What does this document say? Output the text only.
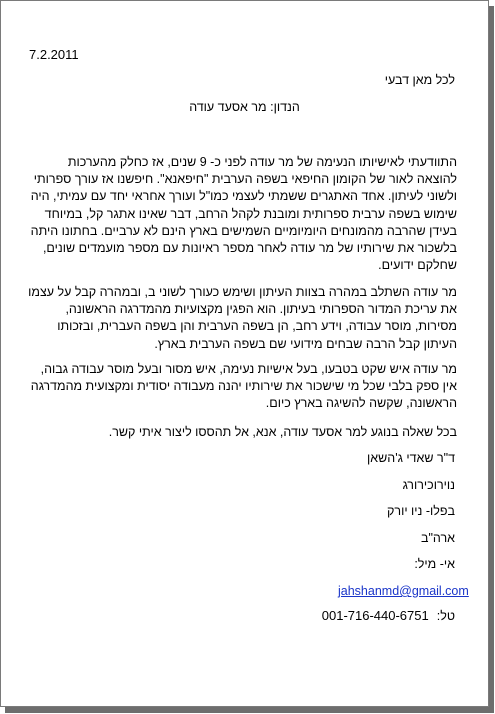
7.2.2011
לכל מאן דבעי
הנדון: מר אסעד עודה
התוודעתי לאישיותו הנעימה של מר עודה לפני כ- 9 שנים, אז כחלק מהערכות להוצאה לאור של הקומון החיפאי בשפה הערבית "חיפאנא". חיפשנו אז עורך ספרותי ולשוני לעיתון. אחד האתגרים ששמתי לעצמי כמו"ל ועורך אחראי יחד עם עמיתי, היה שימוש בשפה ערבית ספרותית ומובנת לקהל הרחב, דבר שאינו אתגר קל, במיוחד בעידן שהרבה מהמונחים היומיומיים השמישים בארץ הינם לא ערביים. בחתונו היתה בלשכור את שירותיו של מר עודה לאחר מספר ראיונות עם מספר מועמדים שונים, שחלקם ידועים.
מר עודה השתלב במהרה בצוות העיתון ושימש כעורך לשוני ב, ובמהרה קבל על עצמו את עריכת המדור הספרותי בעיתון. הוא הפגין מקצועיות מהמדרגה הראשונה, מסירות, מוסר עבודה, וידע רחב, הן בשפה הערבית והן בשפה העברית, ובזכותו העיתון קבל הרבה שבחים מידועי שם בשפה הערבית בארץ.
מר עודה איש שקט בטבעו, בעל אישיות נעימה, איש מסור ובעל מוסר עבודה גבוה, אין ספק בלבי שכל מי שישכור את שירותיו יהנה מעבודה יסודית ומקצועית מהמדרגה הראשונה, שקשה להשיגה בארץ כיום.
בכל שאלה בנוגע למר אסעד עודה, אנא, אל תהססו ליצור איתי קשר.
ד"ר שאדי ג'השאן
נוירוכירורג
בפלו- ניו יורק
ארה"ב
אי- מיל:
jahshanmd@gmail.com
טל:
001-716-440-6751
